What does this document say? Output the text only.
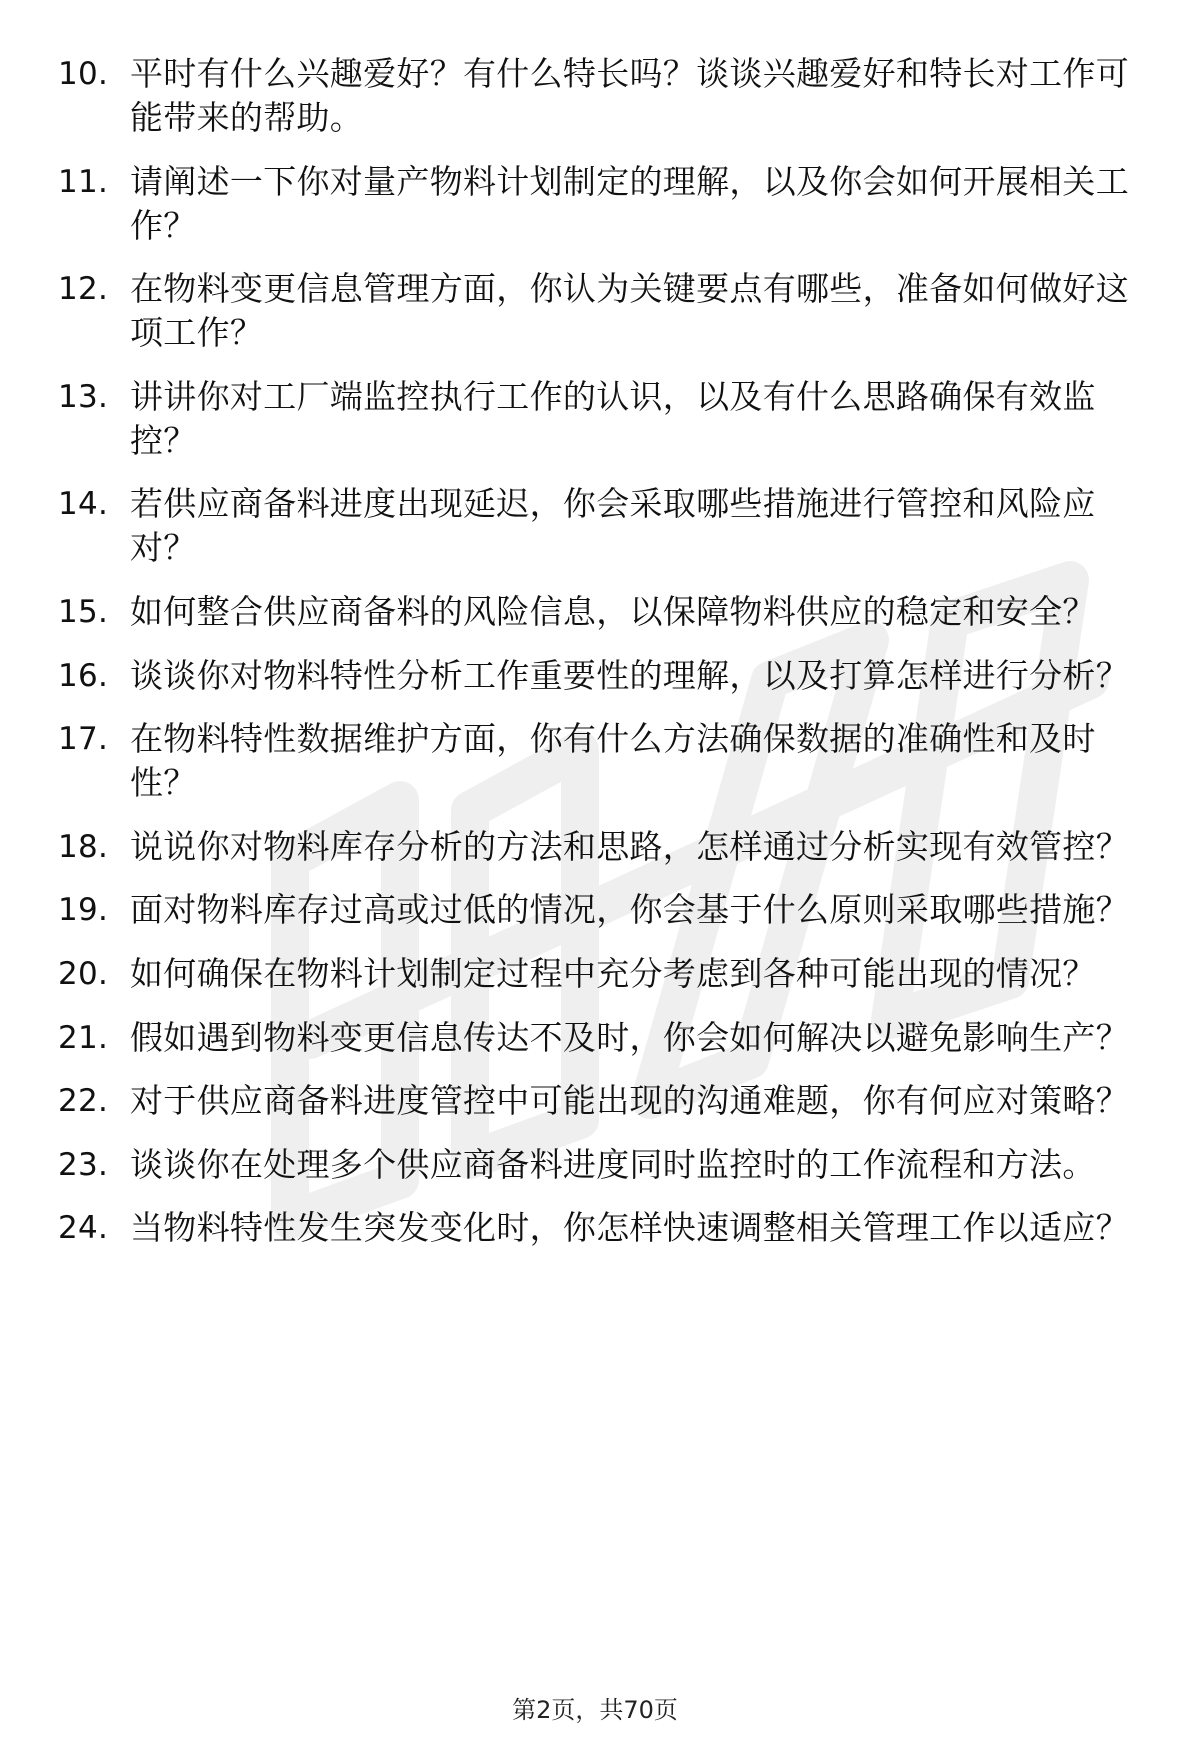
10. 平时有什么兴趣爱好？有什么特长吗？谈谈兴趣爱好和特长对工作可能带来的帮助。
11. 请阐述一下你对量产物料计划制定的理解，以及你会如何开展相关工作？
12. 在物料变更信息管理方面，你认为关键要点有哪些，准备如何做好这项工作？
13. 讲讲你对工厂端监控执行工作的认识，以及有什么思路确保有效监控？
14. 若供应商备料进度出现延迟，你会采取哪些措施进行管控和风险应对？
15. 如何整合供应商备料的风险信息，以保障物料供应的稳定和安全？
16. 谈谈你对物料特性分析工作重要性的理解，以及打算怎样进行分析？
17. 在物料特性数据维护方面，你有什么方法确保数据的准确性和及时性？
18. 说说你对物料库存分析的方法和思路，怎样通过分析实现有效管控？
19. 面对物料库存过高或过低的情况，你会基于什么原则采取哪些措施？
20. 如何确保在物料计划制定过程中充分考虑到各种可能出现的情况？
21. 假如遇到物料变更信息传达不及时，你会如何解决以避免影响生产？
22. 对于供应商备料进度管控中可能出现的沟通难题，你有何应对策略？
23. 谈谈你在处理多个供应商备料进度同时监控时的工作流程和方法。
24. 当物料特性发生突发变化时，你怎样快速调整相关管理工作以适应？
第2页，共70页
